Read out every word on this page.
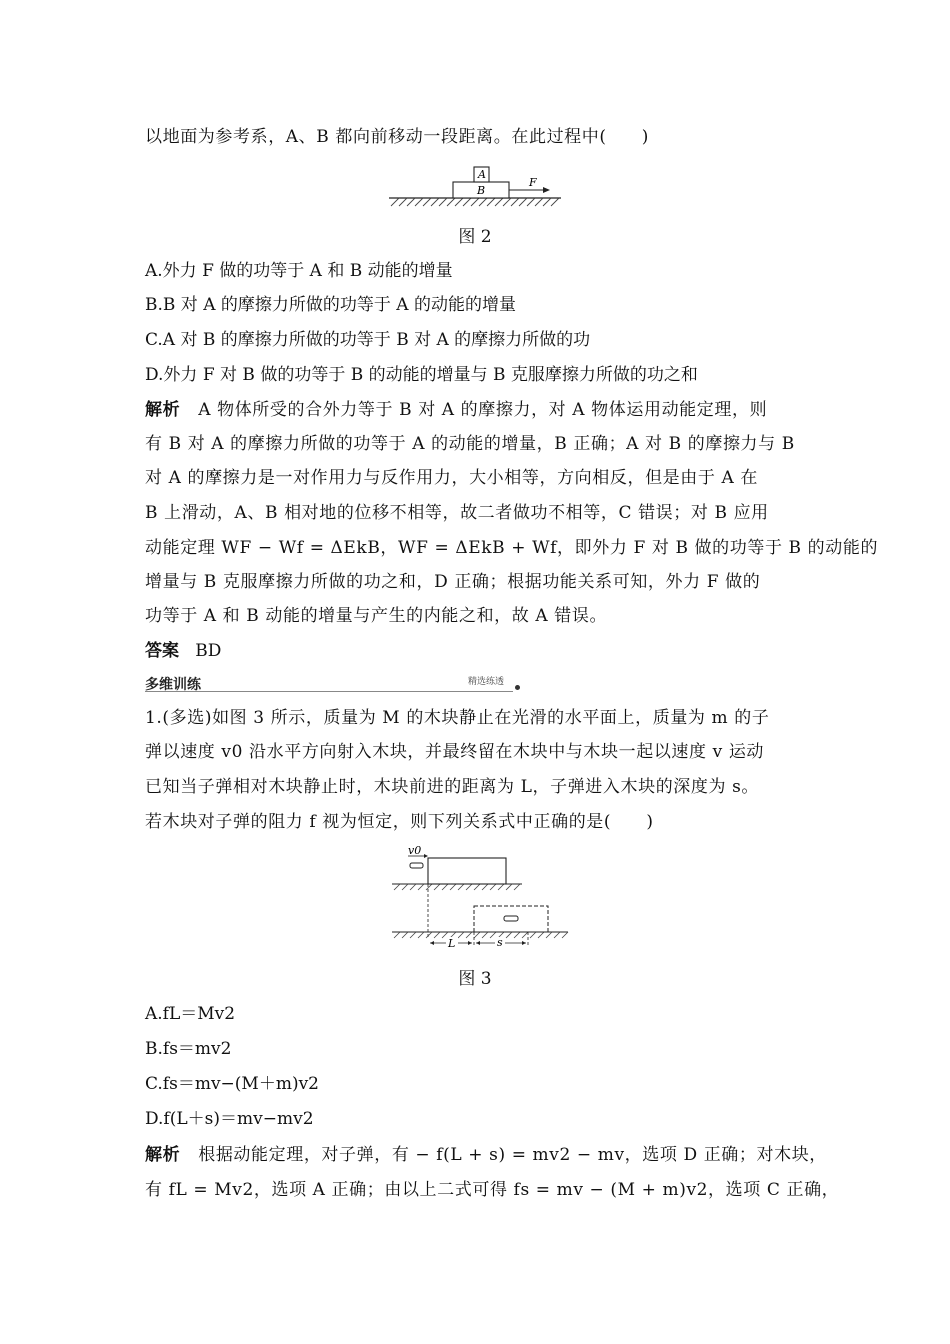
以地面为参考系，A、B 都向前移动一段距离。在此过程中(　　)
A
B
F
图 2
A.外力 F 做的功等于 A 和 B 动能的增量
B.B 对 A 的摩擦力所做的功等于 A 的动能的增量
C.A 对 B 的摩擦力所做的功等于 B 对 A 的摩擦力所做的功
D.外力 F 对 B 做的功等于 B 的动能的增量与 B 克服摩擦力所做的功之和
解析 A 物体所受的合外力等于 B 对 A 的摩擦力，对 A 物体运用动能定理，则
有 B 对 A 的摩擦力所做的功等于 A 的动能的增量，B 正确；A 对 B 的摩擦力与 B
对 A 的摩擦力是一对作用力与反作用力，大小相等，方向相反，但是由于 A 在
B 上滑动，A、B 相对地的位移不相等，故二者做功不相等，C 错误；对 B 应用
动能定理 WF − Wf = ΔEkB，WF = ΔEkB + Wf，即外力 F 对 B 做的功等于 B 的动能的
增量与 B 克服摩擦力所做的功之和，D 正确；根据功能关系可知，外力 F 做的
功等于 A 和 B 动能的增量与产生的内能之和，故 A 错误。
答案 BD
多维训练	精选练透
1.(多选)如图 3 所示，质量为 M 的木块静止在光滑的水平面上，质量为 m 的子
弹以速度 v0 沿水平方向射入木块，并最终留在木块中与木块一起以速度 v 运动
已知当子弹相对木块静止时，木块前进的距离为 L，子弹进入木块的深度为 s。
若木块对子弹的阻力 f 视为恒定，则下列关系式中正确的是(　　)
v0
L	s
图 3
A.fL＝Mv2
B.fs＝mv2
C.fs＝mv−(M＋m)v2
D.f(L＋s)＝mv−mv2
解析 根据动能定理，对子弹，有 − f(L + s) = mv2 − mv，选项 D 正确；对木块，
有 fL = Mv2，选项 A 正确；由以上二式可得 fs = mv − (M + m)v2，选项 C 正确，
